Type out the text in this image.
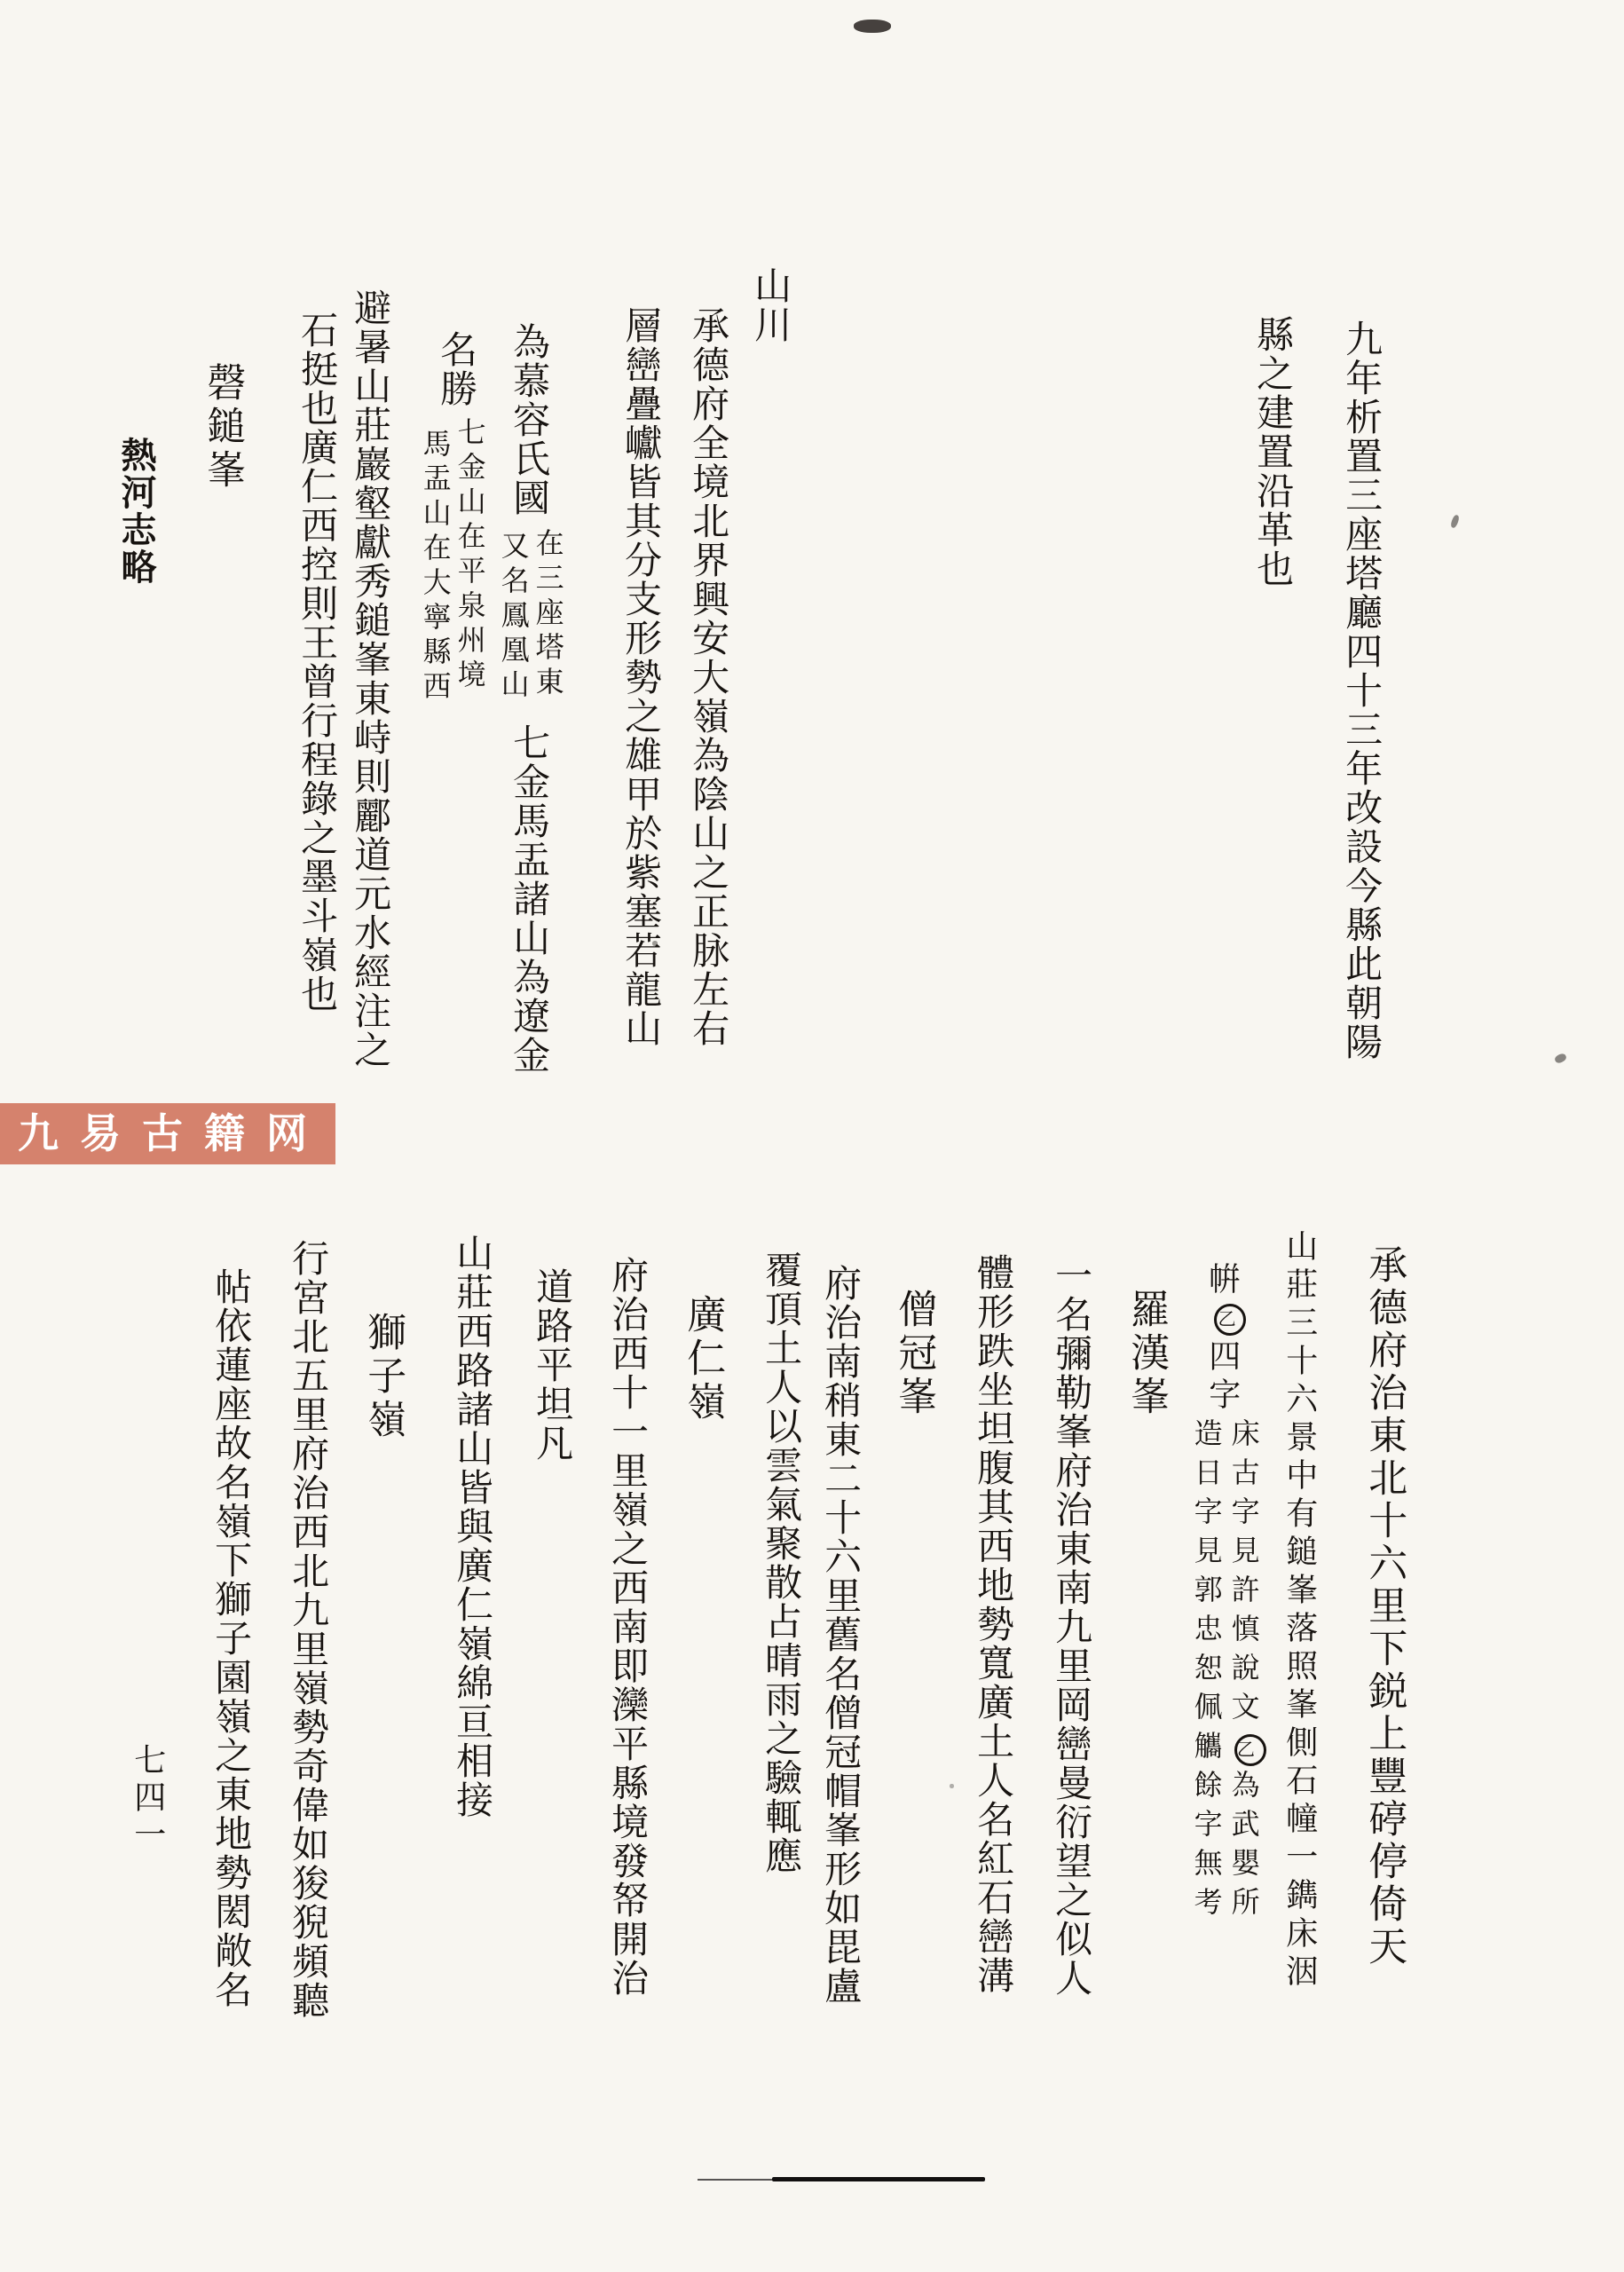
九年析置三座塔廳四十三年改設今縣此朝陽
縣之建置沿革也
山川
承德府全境北界興安大嶺為陰山之正脉左右
層巒疊巘皆其分支形勢之雄甲於紫塞若龍山
為慕容氏國
在三座塔東
又名鳳凰山
七金馬盂諸山為遼金
名勝
七金山在平泉州境
馬盂山在大寧縣西
避暑山莊巖壑獻秀鎚峯東峙則酈道元水經注之
石挺也廣仁西控則王曾行程錄之墨斗嶺也
磬鎚峯
熱河志略
九易古籍网
承德府治東北十六里下鋭上豐碠停倚天
山莊三十六景中有鎚峯落照峯側石幢一鐫床洇
帲乙四字
床古字見許慎說文乙為武嬰所
造日字見郭忠恕佩觿餘字無考
羅漢峯
一名彌勒峯府治東南九里岡巒曼衍望之似人
體形跌坐坦腹其西地勢寬廣土人名紅石巒溝
僧冠峯
府治南稍東二十六里舊名僧冠帽峯形如毘盧
覆頂土人以雲氣聚散占晴雨之驗輒應
廣仁嶺
府治西十一里嶺之西南即灤平縣境發帑開治
道路平坦凡
山莊西路諸山皆與廣仁嶺綿亘相接
獅子嶺
行宮北五里府治西北九里嶺勢奇偉如狻猊頻聽
帖依蓮座故名嶺下獅子園嶺之東地勢閎敞名
七四一
